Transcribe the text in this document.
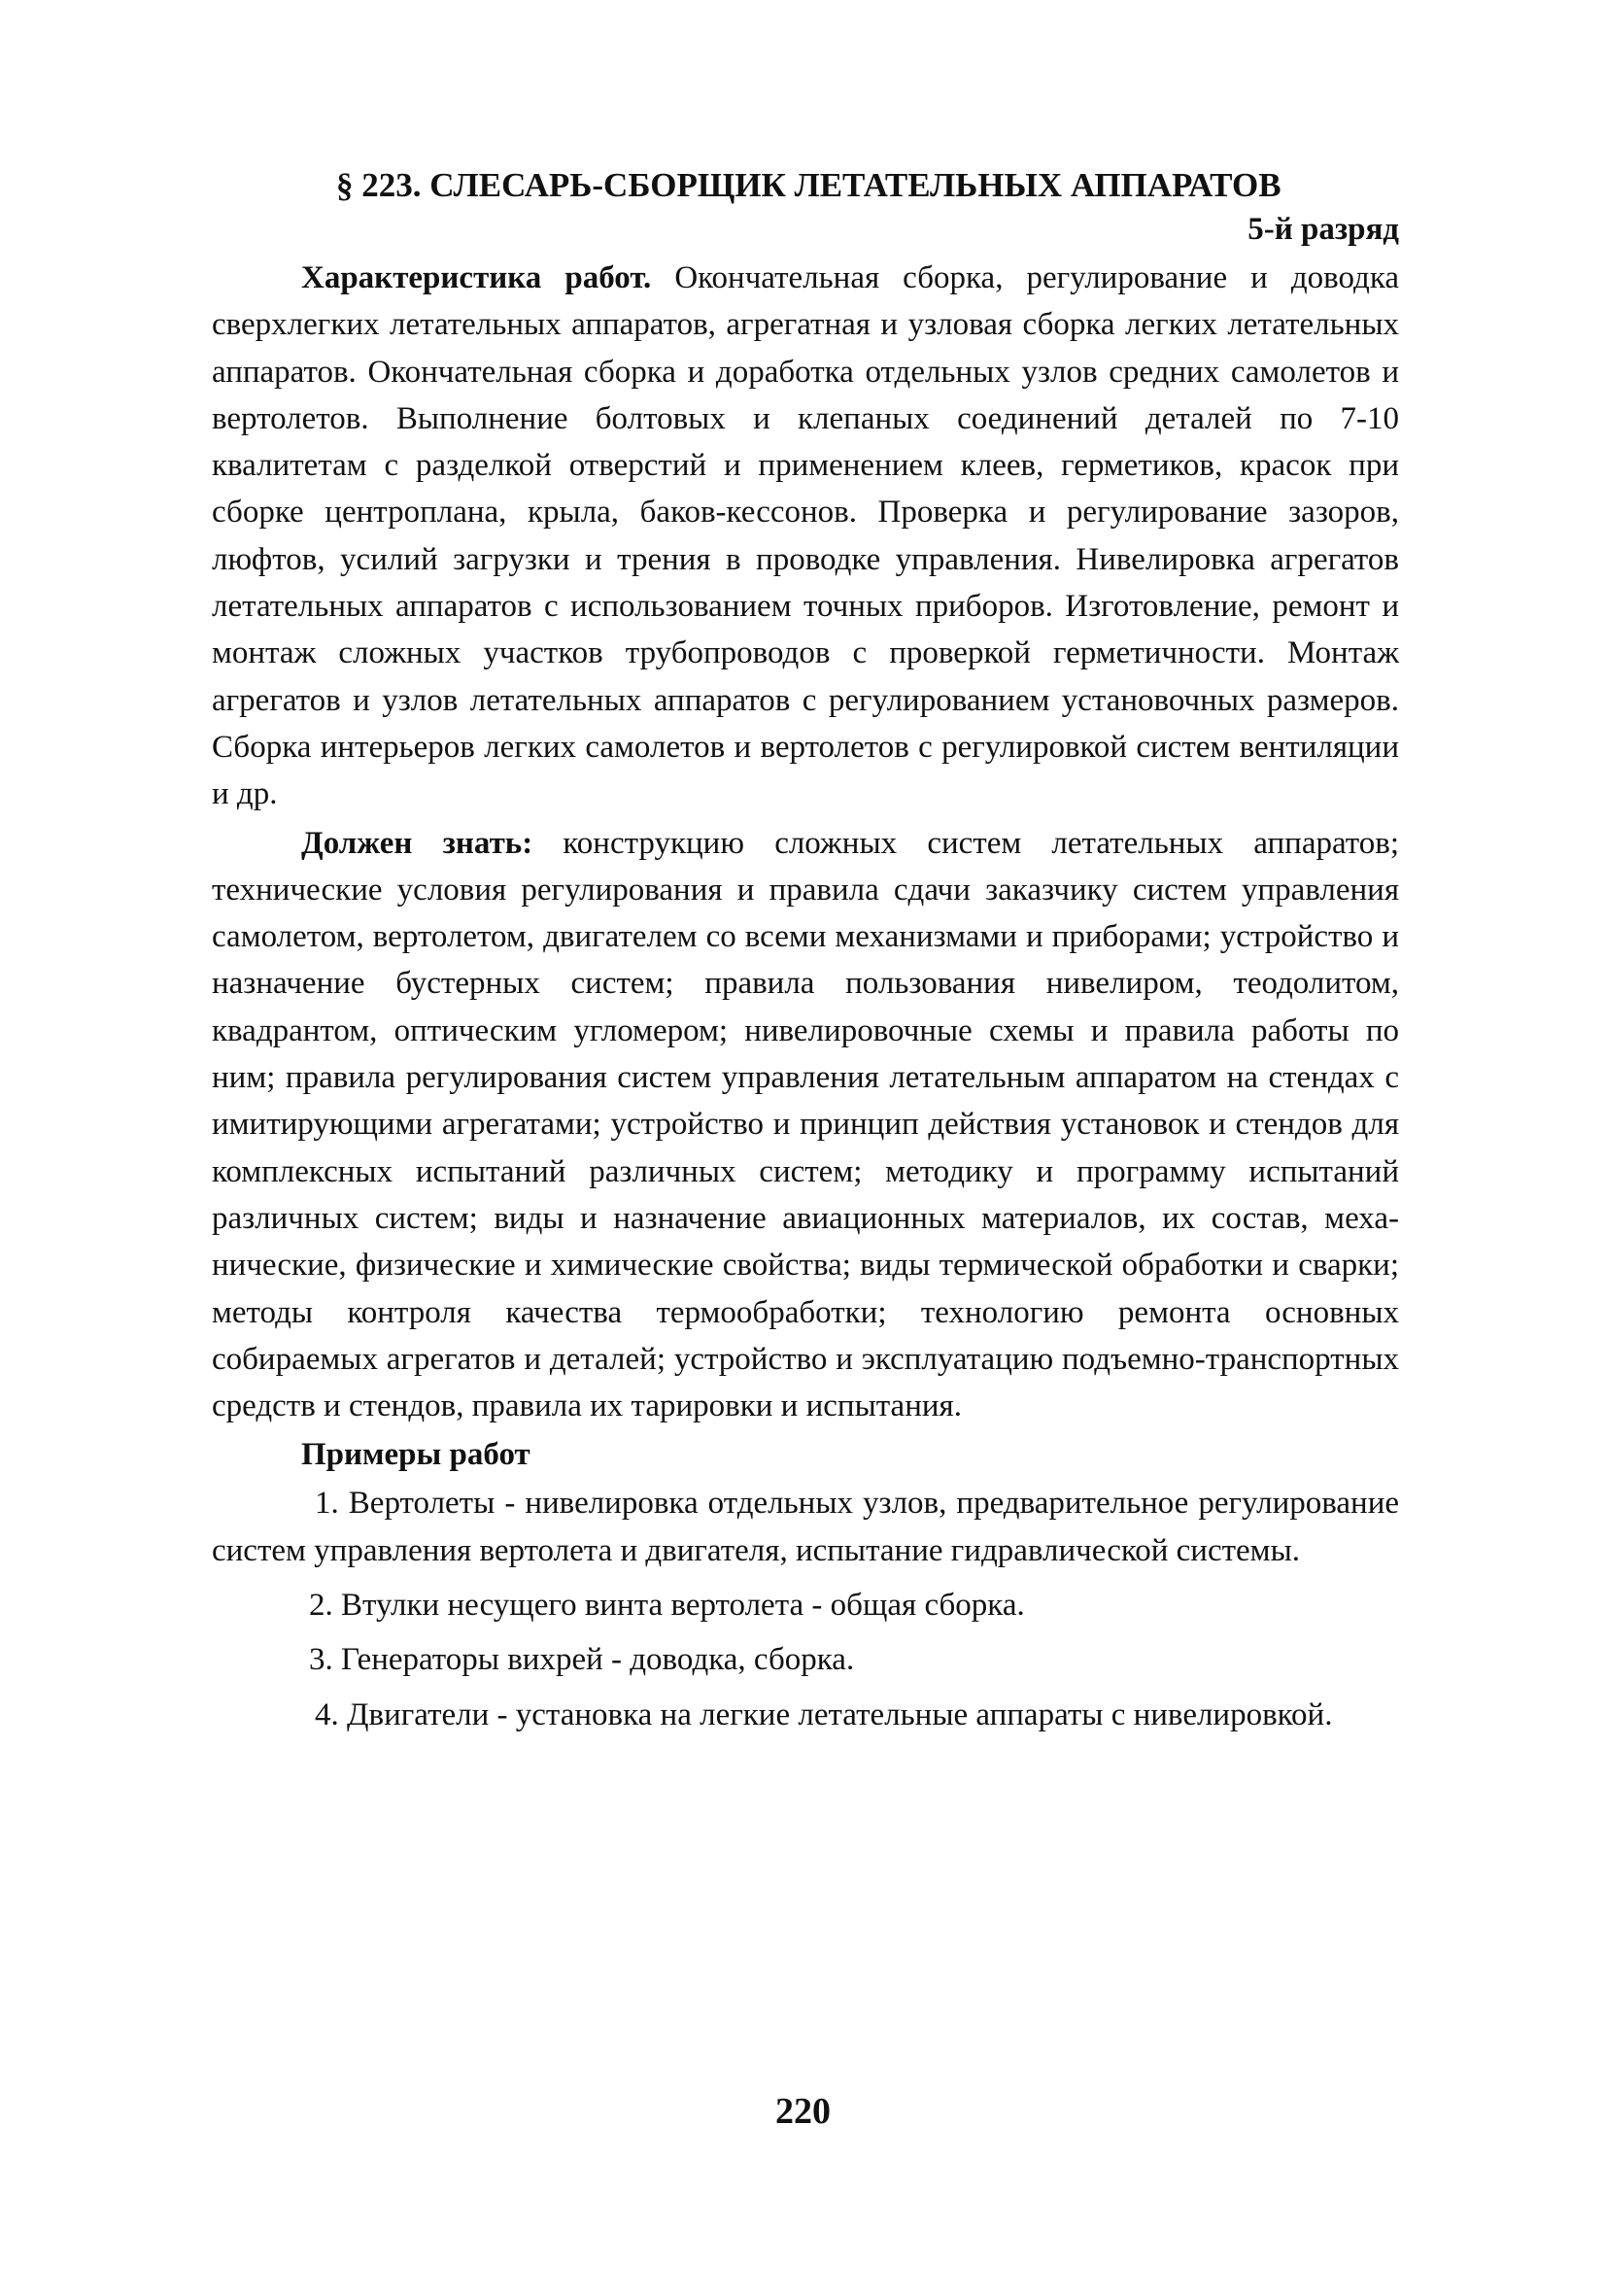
§ 223. СЛЕСАРЬ-СБОРЩИК ЛЕТАТЕЛЬНЫХ АППАРАТОВ
5-й разряд

Характеристика работ. Окончательная сборка, регулирование и доводка сверхлегких летательных аппаратов, агрегатная и узловая сборка легких летательных аппаратов. Окончательная сборка и доработка отдельных узлов средних самолетов и вертолетов. Выполнение болтовых и клепаных соединений деталей по 7-10 квалитетам с разделкой отверстий и применением клеев, герметиков, красок при сборке центроплана, крыла, баков-кессонов. Проверка и регулирование зазоров, люфтов, усилий загрузки и трения в проводке управления. Нивелировка агрегатов летательных аппаратов с использованием точных приборов. Изготовление, ремонт и монтаж сложных участков трубопроводов с проверкой герметичности. Монтаж агрегатов и узлов летательных аппаратов с регулированием установочных размеров. Сборка интерьеров легких самолетов и вертолетов с регулировкой систем вентиляции и др.

Должен знать: конструкцию сложных систем летательных аппаратов; технические условия регулирования и правила сдачи заказчику систем управления самолетом, вертолетом, двигателем со всеми механизмами и приборами; устройство и назначение бустерных систем; правила пользования нивелиром, теодолитом, квадрантом, оптическим угломером; нивелировочные схемы и правила работы по ним; правила регулирования систем управления летательным аппаратом на стендах с имитирующими агрегатами; устройство и принцип действия установок и стендов для комплексных испытаний различных систем; методику и программу испытаний различных систем; виды и назначение авиационных материалов, их состав, механические, физические и химические свойства; виды термической обработки и сварки; методы контроля качества термообработки; технологию ремонта основных собираемых агрегатов и деталей; устройство и эксплуатацию подъемно-транспортных средств и стендов, правила их тарировки и испытания.

Примеры работ

1. Вертолеты - нивелировка отдельных узлов, предварительное регулирование систем управления вертолета и двигателя, испытание гидравлической системы.

2. Втулки несущего винта вертолета - общая сборка.

3. Генераторы вихрей - доводка, сборка.

4. Двигатели - установка на легкие летательные аппараты с нивелировкой.

220
